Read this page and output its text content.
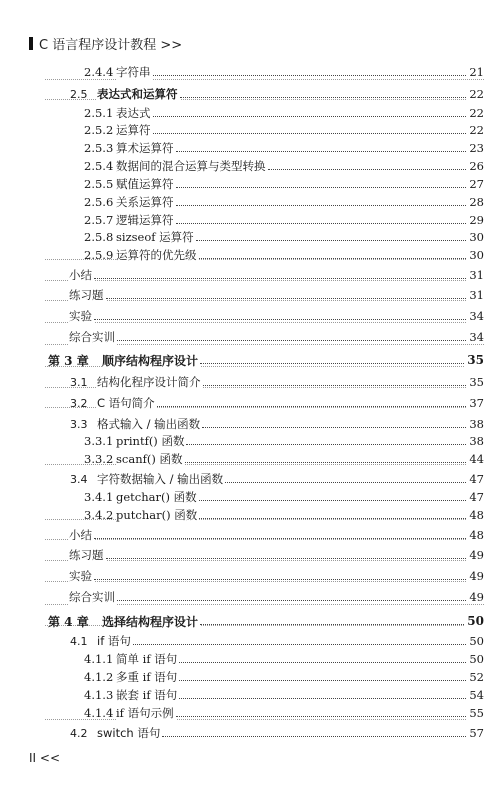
C 语言程序设计教程 >>
2.4.4 字符串	21
2.5 表达式和运算符	22
2.5.1 表达式	22
2.5.2 运算符	22
2.5.3 算术运算符	23
2.5.4 数据间的混合运算与类型转换	26
2.5.5 赋值运算符	27
2.5.6 关系运算符	28
2.5.7 逻辑运算符	29
2.5.8 sizseof 运算符	30
2.5.9 运算符的优先级	30
小结	31
练习题	31
实验	34
综合实训	34
第 3 章 顺序结构程序设计	35
3.1 结构化程序设计简介	35
3.2 C 语句简介	37
3.3 格式输入 / 输出函数	38
3.3.1 printf() 函数	38
3.3.2 scanf() 函数	44
3.4 字符数据输入 / 输出函数	47
3.4.1 getchar() 函数	47
3.4.2 putchar() 函数	48
小结	48
练习题	49
实验	49
综合实训	49
第 4 章 选择结构程序设计	50
4.1 if 语句	50
4.1.1 简单 if 语句	50
4.1.2 多重 if 语句	52
4.1.3 嵌套 if 语句	54
4.1.4 if 语句示例	55
4.2 switch 语句	57
II <<
